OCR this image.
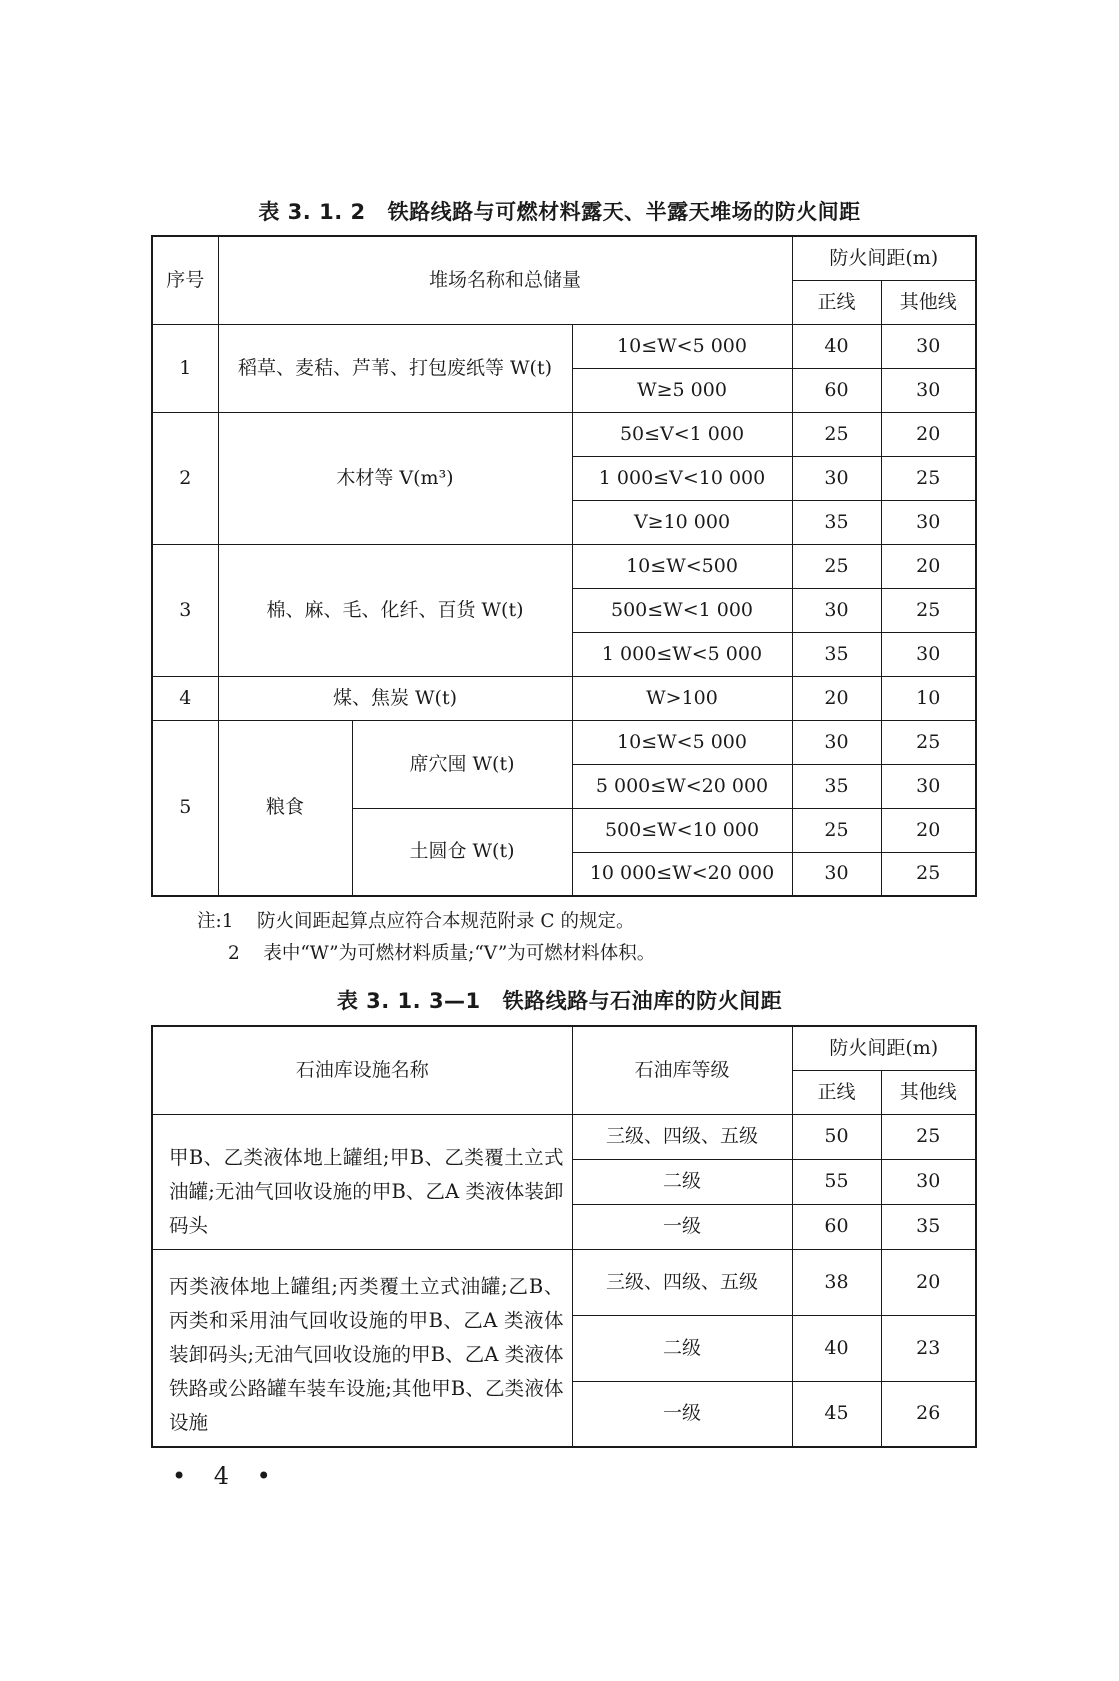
表 3. 1. 2 铁路线路与可燃材料露天、半露天堆场的防火间距
序号	堆场名称和总储量			防火间距(m)	
				正线	其他线
1	稻草、麦秸、芦苇、打包废纸等 W(t)		10≤W<5 000	40	30
			W≥5 000	60	30
2	木材等 V(m³)		50≤V<1 000	25	20
			1 000≤V<10 000	30	25
			V≥10 000	35	30
3	棉、麻、毛、化纤、百货 W(t)		10≤W<500	25	20
			500≤W<1 000	30	25
			1 000≤W<5 000	35	30
4	煤、焦炭 W(t)		W>100	20	10
5	粮食	席穴囤 W(t)	10≤W<5 000	30	25
			5 000≤W<20 000	35	30
		土圆仓 W(t)	500≤W<10 000	25	20
			10 000≤W<20 000	30	25
注:1 防火间距起算点应符合本规范附录 C 的规定。
2 表中“W”为可燃材料质量;“V”为可燃材料体积。
表 3. 1. 3—1 铁路线路与石油库的防火间距
石油库设施名称	石油库等级	防火间距(m)	
		正线	其他线
甲B、乙类液体地上罐组;甲B、乙类覆土立式油罐;无油气回收设施的甲B、乙A 类液体装卸码头	三级、四级、五级	50	25
	二级	55	30
	一级	60	35
丙类液体地上罐组;丙类覆土立式油罐;乙B、丙类和采用油气回收设施的甲B、乙A 类液体装卸码头;无油气回收设施的甲B、乙A 类液体铁路或公路罐车装车设施;其他甲B、乙类液体设施	三级、四级、五级	38	20
	二级	40	23
	一级	45	26
• 4 •
